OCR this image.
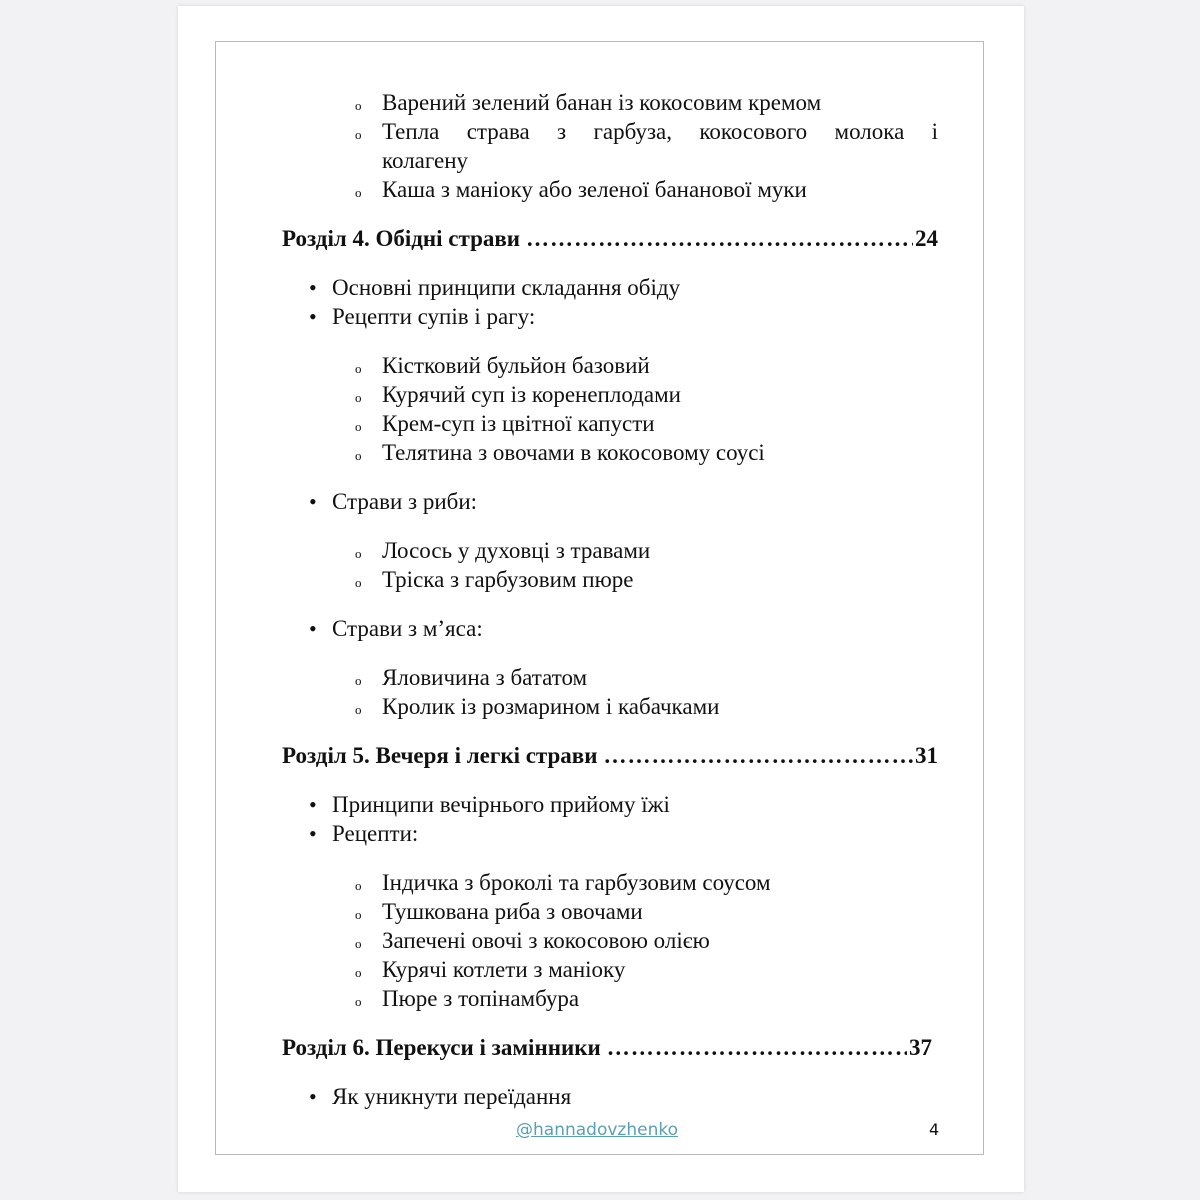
o Варений зелений банан із кокосовим кремом
o Тепла страва з гарбуза, кокосового молока і
колагену
o Каша з маніоку або зеленої бананової муки
Розділ 4. Обідні страви ……………………………………………………………………………………………………………	24
• Основні принципи складання обіду
• Рецепти супів і рагу:
o Кістковий бульйон базовий
o Курячий суп із коренеплодами
o Крем-суп із цвітної капусти
o Телятина з овочами в кокосовому соусі
• Страви з риби:
o Лосось у духовці з травами
o Тріска з гарбузовим пюре
• Страви з м’яса:
o Яловичина з бататом
o Кролик із розмарином і кабачками
Розділ 5. Вечеря і легкі страви ……………………………………………………………………………………………………………	31
• Принципи вечірнього прийому їжі
• Рецепти:
o Індичка з броколі та гарбузовим соусом
o Тушкована риба з овочами
o Запечені овочі з кокосовою олією
o Курячі котлети з маніоку
o Пюре з топінамбура
Розділ 6. Перекуси і замінники ……………………………………………………………………………………………………………	37
• Як уникнути переїдання
@hannadovzhenko	4
